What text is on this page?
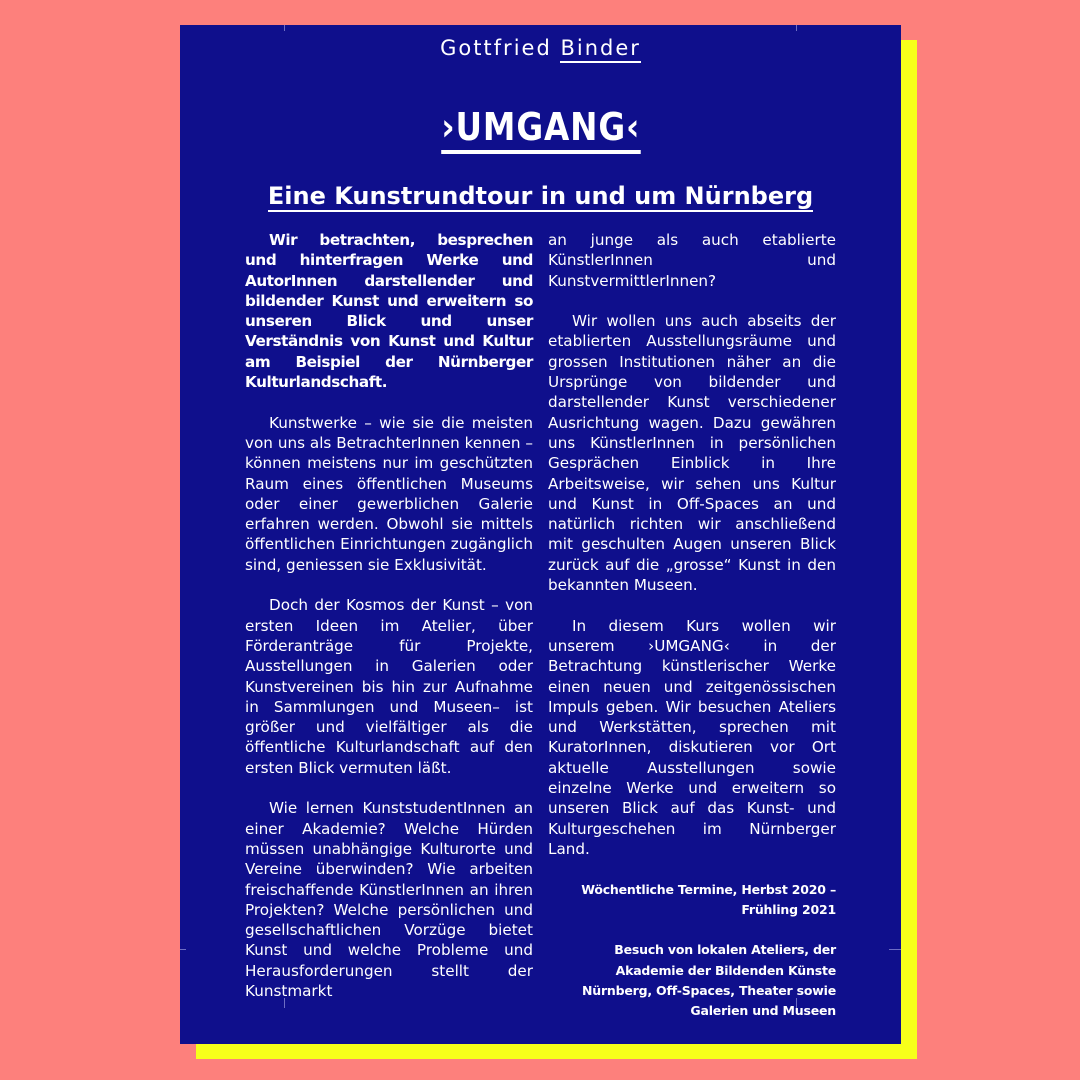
Gottfried Binder
›UMGANG‹
Eine Kunstrundtour in und um Nürnberg

Wir betrachten, besprechen und hinterfragen Werke und AutorInnen darstellender und bildender Kunst und erweitern so unseren Blick und unser Verständnis von Kunst und Kultur am Beispiel der Nürnberger Kulturlandschaft.

Kunstwerke – wie sie die meisten von uns als BetrachterInnen kennen – können meistens nur im geschützten Raum eines öffentlichen Museums oder einer gewerblichen Galerie erfahren werden. Obwohl sie mittels öffentlichen Einrichtungen zugänglich sind, geniessen sie Exklusivität.

Doch der Kosmos der Kunst – von ersten Ideen im Atelier, über Förderanträge für Projekte, Ausstellungen in Galerien oder Kunstvereinen bis hin zur Aufnahme in Sammlungen und Museen– ist größer und vielfältiger als die öffentliche Kulturlandschaft auf den ersten Blick vermuten läßt.

Wie lernen KunststudentInnen an einer Akademie? Welche Hürden müssen unabhängige Kulturorte und Vereine überwinden? Wie arbeiten freischaffende KünstlerInnen an ihren Projekten? Welche persönlichen und gesellschaftlichen Vorzüge bietet Kunst und welche Probleme und Herausforderungen stellt der Kunstmarkt

an junge als auch etablierte KünstlerInnen und KunstvermittlerInnen?

Wir wollen uns auch abseits der etablierten Ausstellungsräume und grossen Institutionen näher an die Ursprünge von bildender und darstellender Kunst verschiedener Ausrichtung wagen. Dazu gewähren uns KünstlerInnen in persönlichen Gesprächen Einblick in Ihre Arbeitsweise, wir sehen uns Kultur und Kunst in Off-Spaces an und natürlich richten wir anschließend mit geschulten Augen unseren Blick zurück auf die „grosse“ Kunst in den bekannten Museen.

In diesem Kurs wollen wir unserem ›UMGANG‹ in der Betrachtung künstlerischer Werke einen neuen und zeitgenössischen Impuls geben. Wir besuchen Ateliers und Werkstätten, sprechen mit KuratorInnen, diskutieren vor Ort aktuelle Ausstellungen sowie einzelne Werke und erweitern so unseren Blick auf das Kunst- und Kulturgeschehen im Nürnberger Land.

Wöchentliche Termine, Herbst 2020 – Frühling 2021

Besuch von lokalen Ateliers, der Akademie der Bildenden Künste Nürnberg, Off-Spaces, Theater sowie Galerien und Museen
